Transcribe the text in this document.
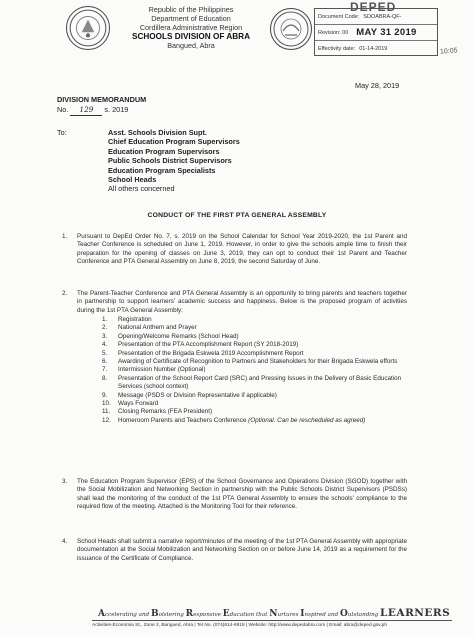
Republic of the Philippines
Department of Education
Cordillera Administrative Region
SCHOOLS DIVISION OF ABRA
Bangued, Abra
DEPED
Document Code: SDOABRA-QF-
Revision: 00 MAY 31 2019
Effectivity date: 01-14-2019	10:05
May 28, 2019
DIVISION MEMORANDUM
No. 129 s. 2019
To:	Asst. Schools Division Supt.
Chief Education Program Supervisors
Education Program Supervisors
Public Schools District Supervisors
Education Program Specialists
School Heads
All others concerned
CONDUCT OF THE FIRST PTA GENERAL ASSEMBLY
1. Pursuant to DepEd Order No. 7, s. 2019 on the School Calendar for School Year 2019-2020, the 1st Parent and Teacher Conference is scheduled on June 1, 2019. However, in order to give the schools ample time to finish their preparation for the opening of classes on June 3, 2019, they can opt to conduct their 1st Parent and Teacher Conference and PTA General Assembly on June 8, 2019, the second Saturday of June.
2. The Parent-Teacher Conference and PTA General Assembly is an opportunity to bring parents and teachers together in partnership to support learners' academic success and happiness. Below is the proposed program of activities during the 1st PTA General Assembly:
1.	Registration
2.	National Anthem and Prayer
3.	Opening/Welcome Remarks (School Head)
4.	Presentation of the PTA Accomplishment Report (SY 2018-2019)
5.	Presentation of the Brigada Eskwela 2019 Accomplishment Report
6.	Awarding of Certificate of Recognition to Partners and Stakeholders for their Brigada Eskwela efforts
7.	Intermission Number (Optional)
8.	Presentation of the School Report Card (SRC) and Pressing Issues in the Delivery of Basic Education Services (school context)
9.	Message (PSDS or Division Representative if applicable)
10.	Ways Forward
11.	Closing Remarks (FEA President)
12.	Homeroom Parents and Teachers Conference (Optional. Can be rescheduled as agreed)
3. The Education Program Supervisor (EPS) of the School Governance and Operations Division (SGOD) together with the Social Mobilization and Networking Section in partnership with the Public Schools District Supervisors (PSDSs) shall lead the monitoring of the conduct of the 1st PTA General Assembly to ensure the schools' compliance to the required flow of the meeting. Attached is the Monitoring Tool for their reference.
4. School Heads shall submit a narrative report/minutes of the meeting of the 1st PTA General Assembly with appropriate documentation at the Social Mobilization and Networking Section on or before June 14, 2019 as a requirement for the issuance of the Certificate of Compliance.
Accelerating and Bolstering Responsive Education that Nurtures Inspired and Outstanding LEARNERS
Activities-Economia St., Zone 2, Bangued, Abra | Tel No. (074)614-6918 | Website: http://www.depedabra.com | Email: abra@deped.gov.ph
